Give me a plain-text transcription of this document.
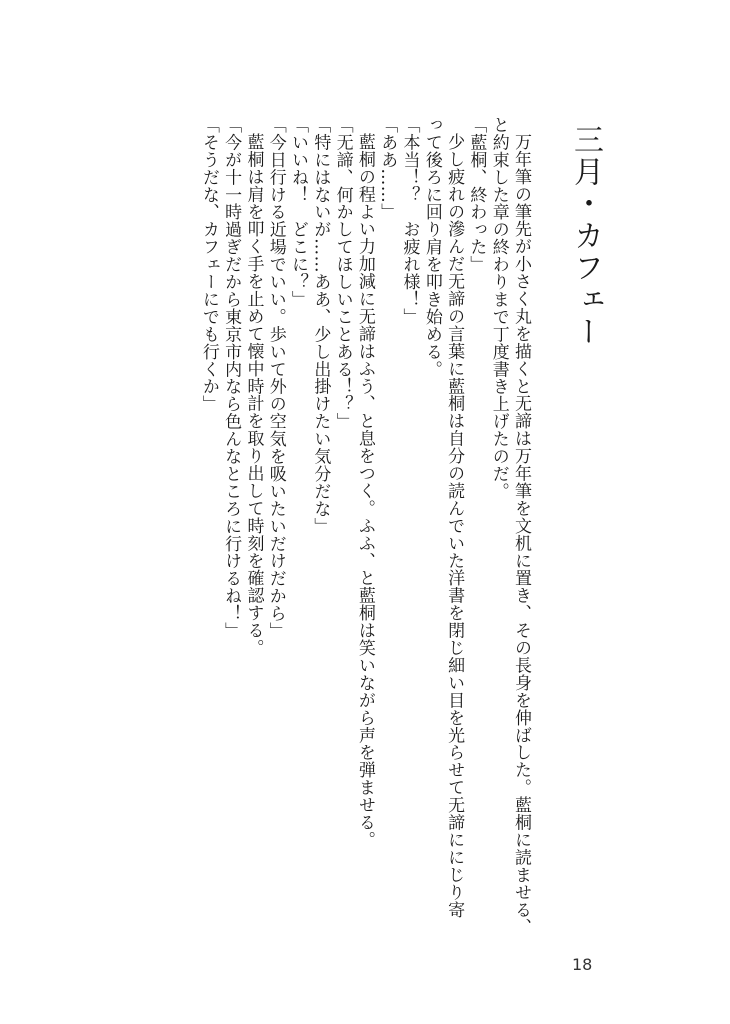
三月・カフェー

万年筆の筆先が小さく丸を描くと无諦は万年筆を文机に置き、その長身を伸ばした。藍桐に読ませる、

と約束した章の終わりまで丁度書き上げたのだ。

「藍桐、終わった」

少し疲れの滲んだ无諦の言葉に藍桐は自分の読んでいた洋書を閉じ細い目を光らせて无諦ににじり寄

って後ろに回り肩を叩き始める。

「本当！？　お疲れ様！」

「ああ……」

藍桐の程よい力加減に无諦はふう、と息をつく。ふふ、と藍桐は笑いながら声を弾ませる。

「无諦、何かしてほしいことある！？」

「特にはないが……ああ、少し出掛けたい気分だな」

「いいね！　どこに？」

「今日行ける近場でいい。歩いて外の空気を吸いたいだけだから」

藍桐は肩を叩く手を止めて懐中時計を取り出して時刻を確認する。

「今が十一時過ぎだから東京市内なら色んなところに行けるね！」

「そうだな、カフェーにでも行くか」

18
